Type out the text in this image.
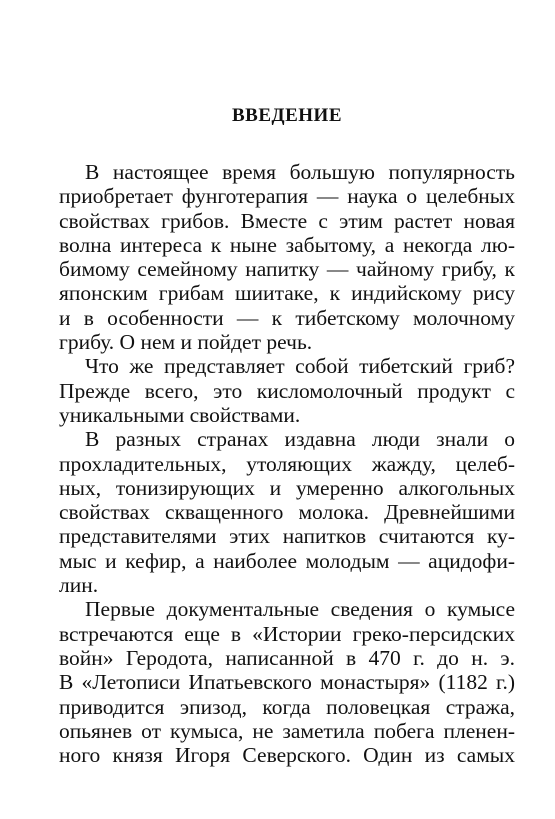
ВВЕДЕНИЕ

В настоящее время большую популярность
приобретает фунготерапия — наука о целебных
свойствах грибов. Вместе с этим растет новая
волна интереса к ныне забытому, а некогда лю-
бимому семейному напитку — чайному грибу, к
японским грибам шиитаке, к индийскому рису
и в особенности — к тибетскому молочному
грибу. О нем и пойдет речь.

Что же представляет собой тибетский гриб?
Прежде всего, это кисломолочный продукт с
уникальными свойствами.

В разных странах издавна люди знали о
прохладительных, утоляющих жажду, целеб-
ных, тонизирующих и умеренно алкогольных
свойствах скващенного молока. Древнейшими
представителями этих напитков считаются ку-
мыс и кефир, а наиболее молодым — ацидофи-
лин.

Первые документальные сведения о кумысе
встречаются еще в «Истории греко-персидских
войн» Геродота, написанной в 470 г. до н. э.
В «Летописи Ипатьевского монастыря» (1182 г.)
приводится эпизод, когда половецкая стража,
опьянев от кумыса, не заметила побега пленен-
ного князя Игоря Северского. Один из самых
